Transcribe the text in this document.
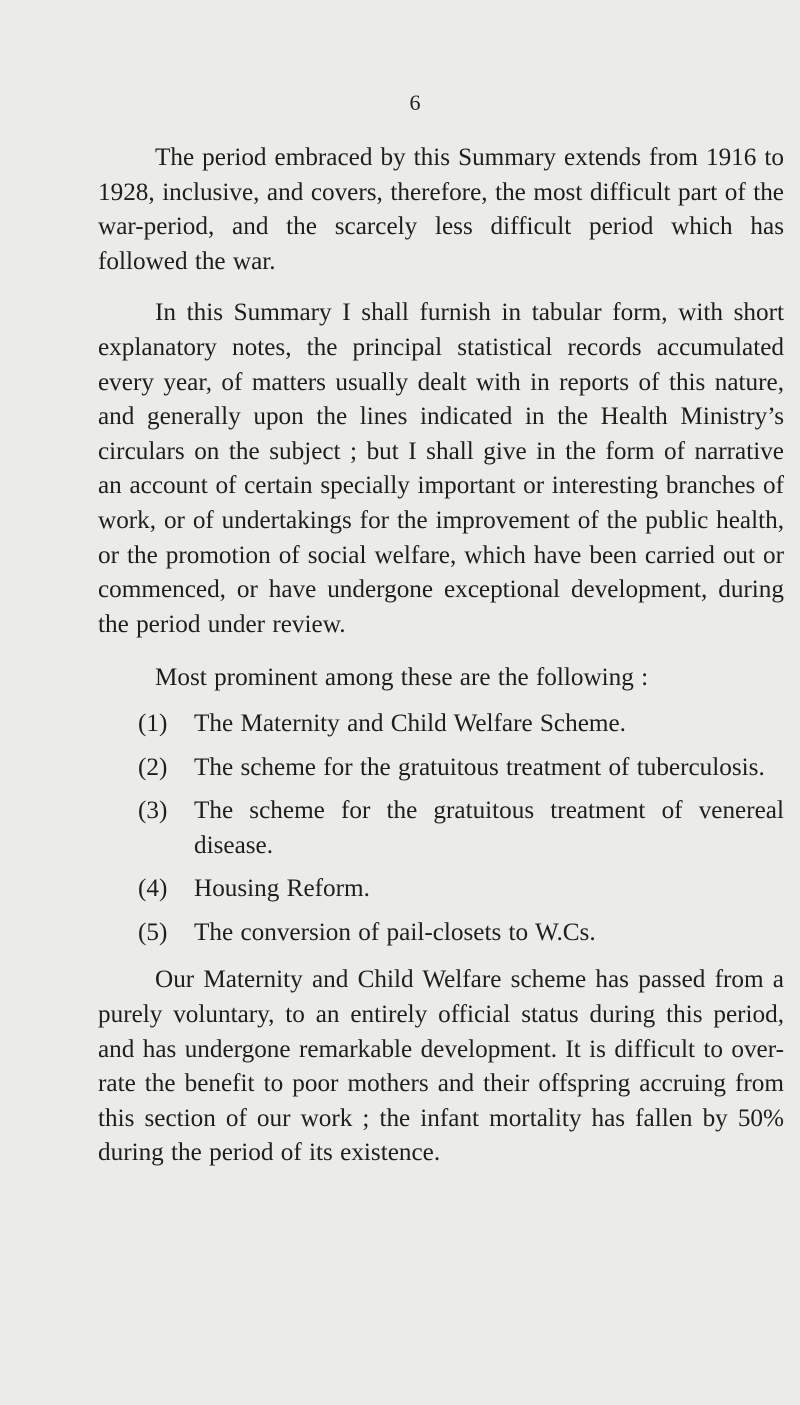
6

The period embraced by this Summary extends from 1916 to 1928, inclusive, and covers, therefore, the most difficult part of the war-period, and the scarcely less difficult period which has followed the war.

In this Summary I shall furnish in tabular form, with short explanatory notes, the principal statistical records accumulated every year, of matters usually dealt with in reports of this nature, and generally upon the lines indicated in the Health Ministry’s circulars on the subject ; but I shall give in the form of narrative an account of certain specially important or interesting branches of work, or of undertakings for the improvement of the public health, or the promotion of social welfare, which have been carried out or commenced, or have undergone exceptional development, during the period under review.

Most prominent among these are the following :

(1) The Maternity and Child Welfare Scheme.
(2) The scheme for the gratuitous treatment of tuberculosis.
(3) The scheme for the gratuitous treatment of venereal disease.
(4) Housing Reform.
(5) The conversion of pail-closets to W.Cs.

Our Maternity and Child Welfare scheme has passed from a purely voluntary, to an entirely official status during this period, and has undergone remarkable development. It is difficult to over-rate the benefit to poor mothers and their offspring accruing from this section of our work ; the infant mortality has fallen by 50% during the period of its existence.
